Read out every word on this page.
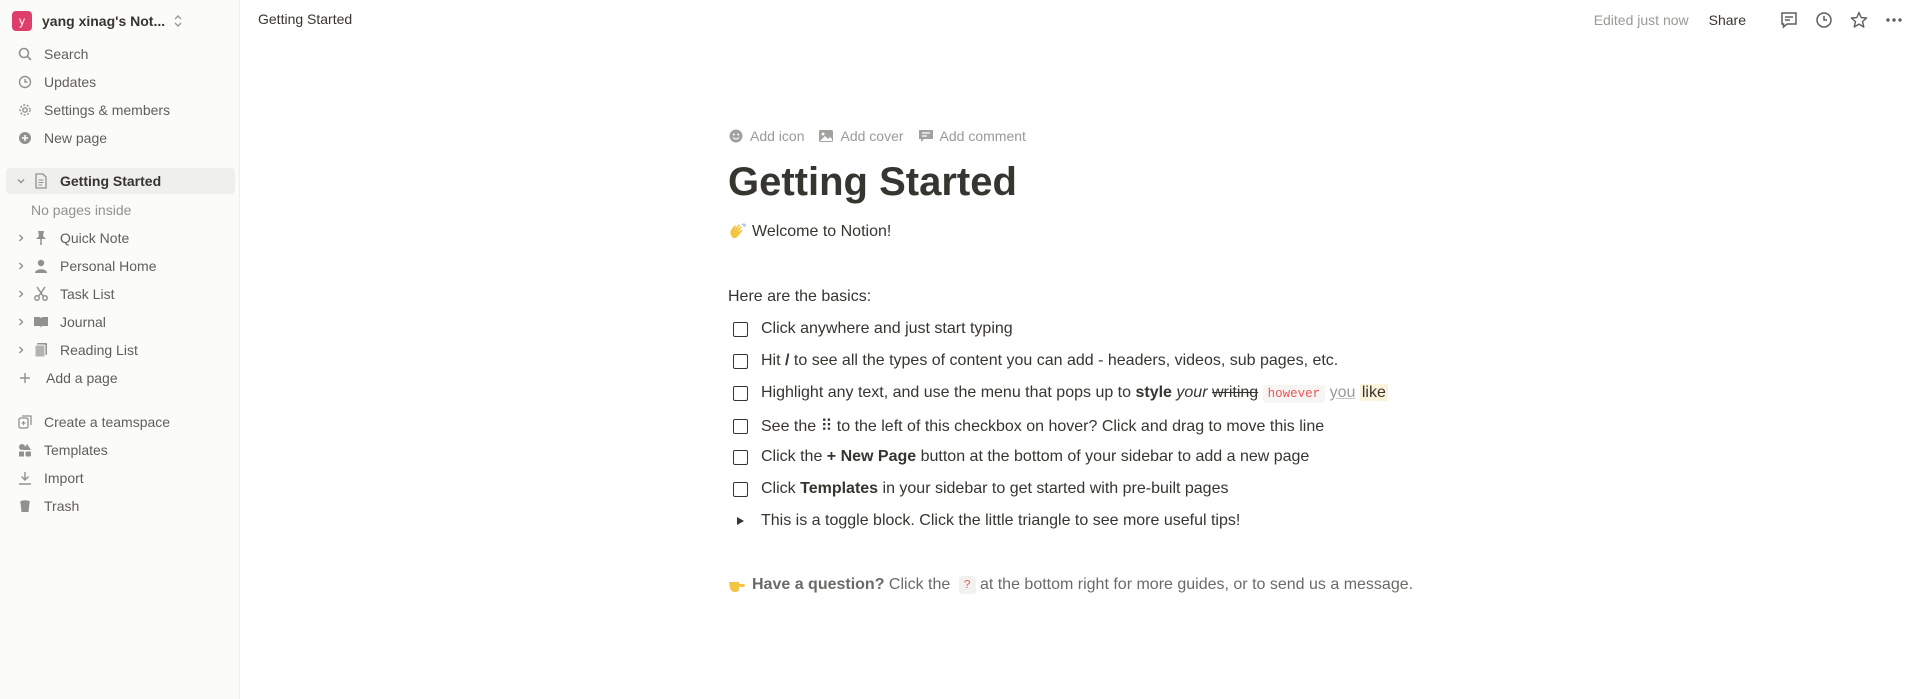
y	yang xinag's Not...
Search
Updates
Settings & members
New page
Getting Started
No pages inside
Quick Note
Personal Home
Task List
Journal
Reading List
Add a page
Create a teamspace
Templates
Import
Trash
Getting Started	Edited just now Share
Add icon	Add cover	Add comment
Getting Started
Welcome to Notion!
Here are the basics:
Click anywhere and just start typing
Hit / to see all the types of content you can add - headers, videos, sub pages, etc.
Highlight any text, and use the menu that pops up to style your writing however you like
See the ⠿ to the left of this checkbox on hover? Click and drag to move this line
Click the + New Page button at the bottom of your sidebar to add a new page
Click Templates in your sidebar to get started with pre-built pages
This is a toggle block. Click the little triangle to see more useful tips!
Have a question? Click the ? at the bottom right for more guides, or to send us a message.
